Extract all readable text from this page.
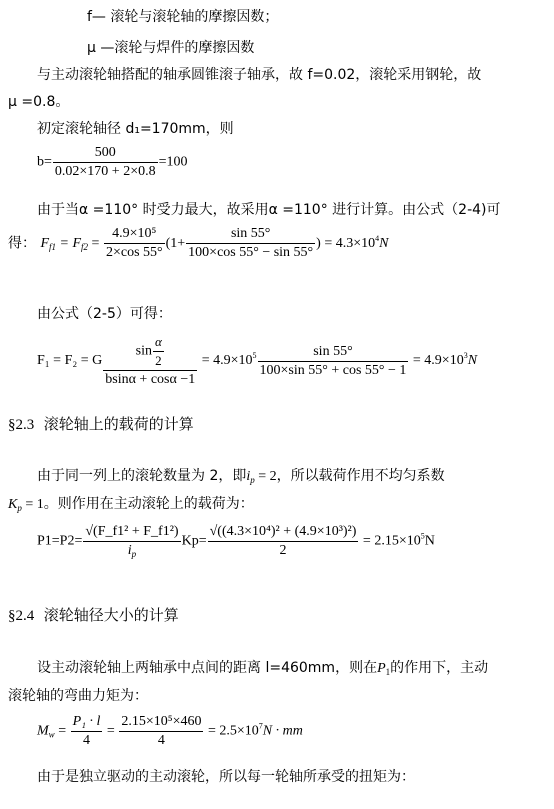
f— 滚轮与滚轮轴的摩擦因数；
μ —滚轮与焊件的摩擦因数
与主动滚轮轴搭配的轴承圆锥滚子轴承，故 f=0.02，滚轮采用钢轮，故
μ =0.8。
初定滚轮轴径 d₁=170mm，则
$b= \frac{500}{0.02\times 170 + 2\times 0.8} =100$
由于当α =110° 时受力最大，故采用α =110° 进行计算。由公式（2-4)可
得： $F_{f1} = F_{f2} = \frac{\text{4.9×10⁵}}{2\times\cos 55^\circ} (1+ \frac{\sin 55^\circ}{100\times\cos 55^\circ - \sin 55^\circ}$ ) = $4.3\times 10^4N$
由公式（2-5）可得：
F₁ = F₂ = G $\frac{\sin \frac{\alpha}{2}}{bsin\alpha + \cos\alpha -1} = 4.9\times 10^5 \frac{\sin 55^\circ}{100\times\sin 55^\circ + \cos 55^\circ - 1} = 4.9\times 10^3N$
§2.3 滚轮轴上的载荷的计算
由于同一列上的滚轮数量为 2，即$i_p = 2$，所以载荷作用不均匀系数
$K_p = 1$。则作用在主动滚轮上的载荷为：
$P1=P2= \frac{\text{√(F\_f1² + F\_f1²)}}{i_p} Kp= \frac{\text{√((4.3×10⁴)² + (4.9×10³)²)}}{2} = 2.15\times 10^5N$
§2.4 滚轮轴径大小的计算
设主动滚轮轴上两轴承中点间的距离 l=460mm，则在$P_1$的作用下，主动
滚轮轴的弯曲力矩为：
$M_w = \frac{\text{P₁ · l}}{4} = \frac{\text{2.15×10⁵×460}}{4} = 2.5\times 10^7N$ · mm
由于是独立驱动的主动滚轮，所以每一轮轴所承受的扭矩为：
